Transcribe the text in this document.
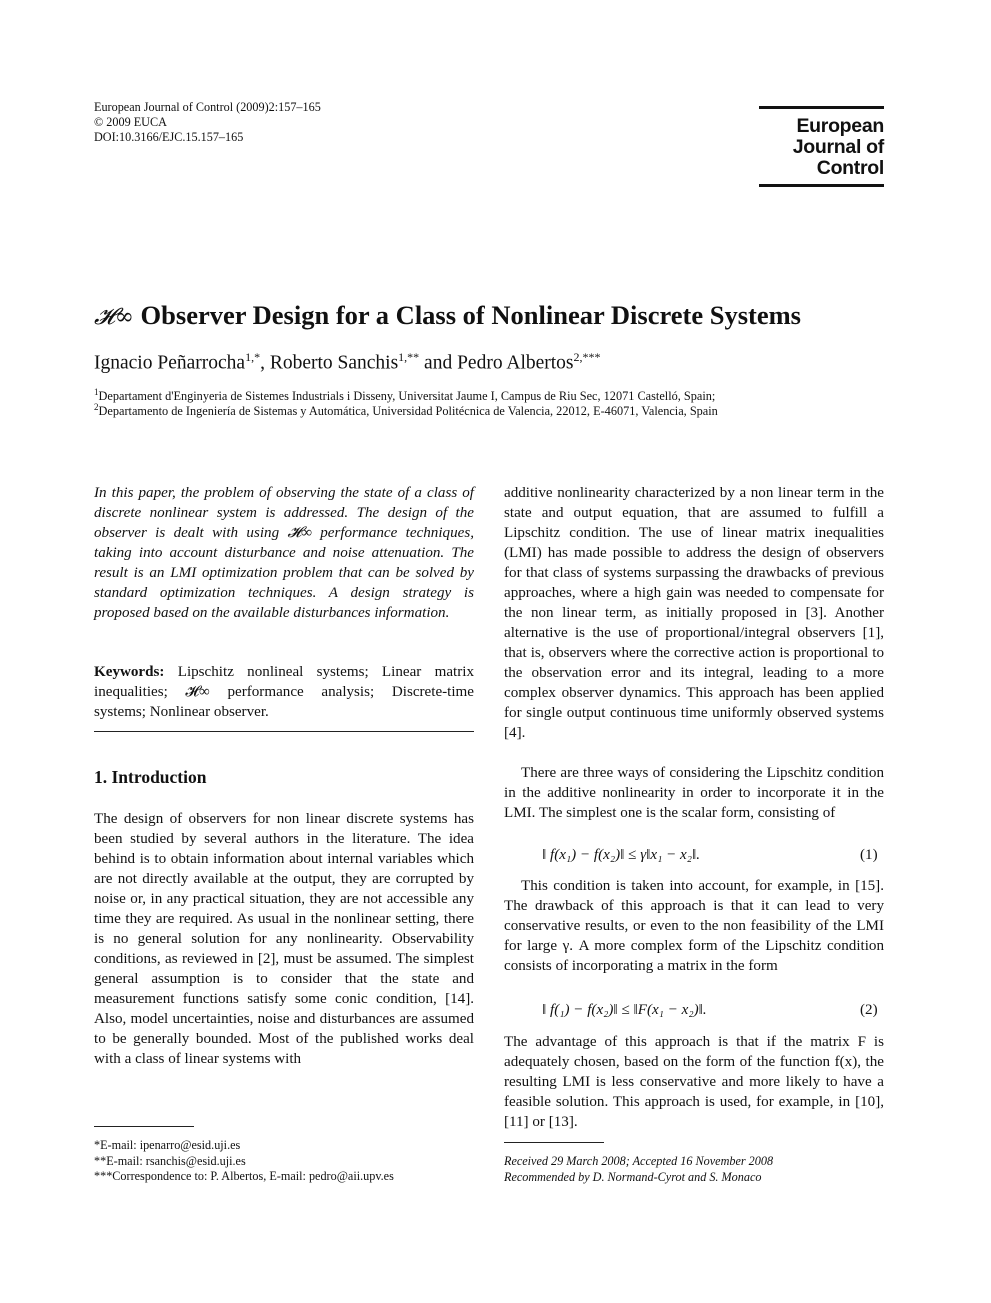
European Journal of Control (2009)2:157–165
© 2009 EUCA
DOI:10.3166/EJC.15.157–165	European
Journal of
Control
𝓗∞ Observer Design for a Class of Nonlinear Discrete Systems
Ignacio Peñarrocha$^{1,*}$, Roberto Sanchis$^{1,**}$ and Pedro Albertos$^{2,***}$
$^1$Departament d'Enginyeria de Sistemes Industrials i Disseny, Universitat Jaume I, Campus de Riu Sec, 12071 Castelló, Spain;
$^2$Departamento de Ingeniería de Sistemas y Automática, Universidad Politécnica de Valencia, 22012, E-46071, Valencia, Spain

In this paper, the problem of observing the state of a class of discrete nonlinear system is addressed. The design of the observer is dealt with using 𝓗∞ performance techniques, taking into account disturbance and noise attenuation. The result is an LMI optimization problem that can be solved by standard optimization techniques. A design strategy is proposed based on the available disturbances information.

Keywords: Lipschitz nonlineal systems; Linear matrix inequalities; 𝓗∞ performance analysis; Discrete-time systems; Nonlinear observer.

1. Introduction

The design of observers for non linear discrete systems has been studied by several authors in the literature. The idea behind is to obtain information about internal variables which are not directly available at the output, they are corrupted by noise or, in any practical situation, they are not accessible any time they are required. As usual in the nonlinear setting, there is no general solution for any nonlinearity. Observability conditions, as reviewed in [2], must be assumed. The simplest general assumption is to consider that the state and measurement functions satisfy some conic condition, [14]. Also, model uncertainties, noise and disturbances are assumed to be generally bounded. Most of the published works deal with a class of linear systems with

*E-mail: ipenarro@esid.uji.es
**E-mail: rsanchis@esid.uji.es
***Correspondence to: P. Albertos, E-mail: pedro@aii.upv.es

additive nonlinearity characterized by a non linear term in the state and output equation, that are assumed to fulfill a Lipschitz condition. The use of linear matrix inequalities (LMI) has made possible to address the design of observers for that class of systems surpassing the drawbacks of previous approaches, where a high gain was needed to compensate for the non linear term, as initially proposed in [3]. Another alternative is the use of proportional/integral observers [1], that is, observers where the corrective action is proportional to the observation error and its integral, leading to a more complex observer dynamics. This approach has been applied for single output continuous time uniformly observed systems [4].

There are three ways of considering the Lipschitz condition in the additive nonlinearity in order to incorporate it in the LMI. The simplest one is the scalar form, consisting of

‖ f(x₁) − f(x₂)‖ ≤ γ‖x₁ − x₂‖.	(1)

This condition is taken into account, for example, in [15]. The drawback of this approach is that it can lead to very conservative results, or even to the non feasibility of the LMI for large γ. A more complex form of the Lipschitz condition consists of incorporating a matrix in the form

‖ f(₁) − f(x₂)‖ ≤ ‖F(x₁ − x₂)‖.	(2)

The advantage of this approach is that if the matrix F is adequately chosen, based on the form of the function f(x), the resulting LMI is less conservative and more likely to have a feasible solution. This approach is used, for example, in [10], [11] or [13].

Received 29 March 2008; Accepted 16 November 2008
Recommended by D. Normand-Cyrot and S. Monaco
